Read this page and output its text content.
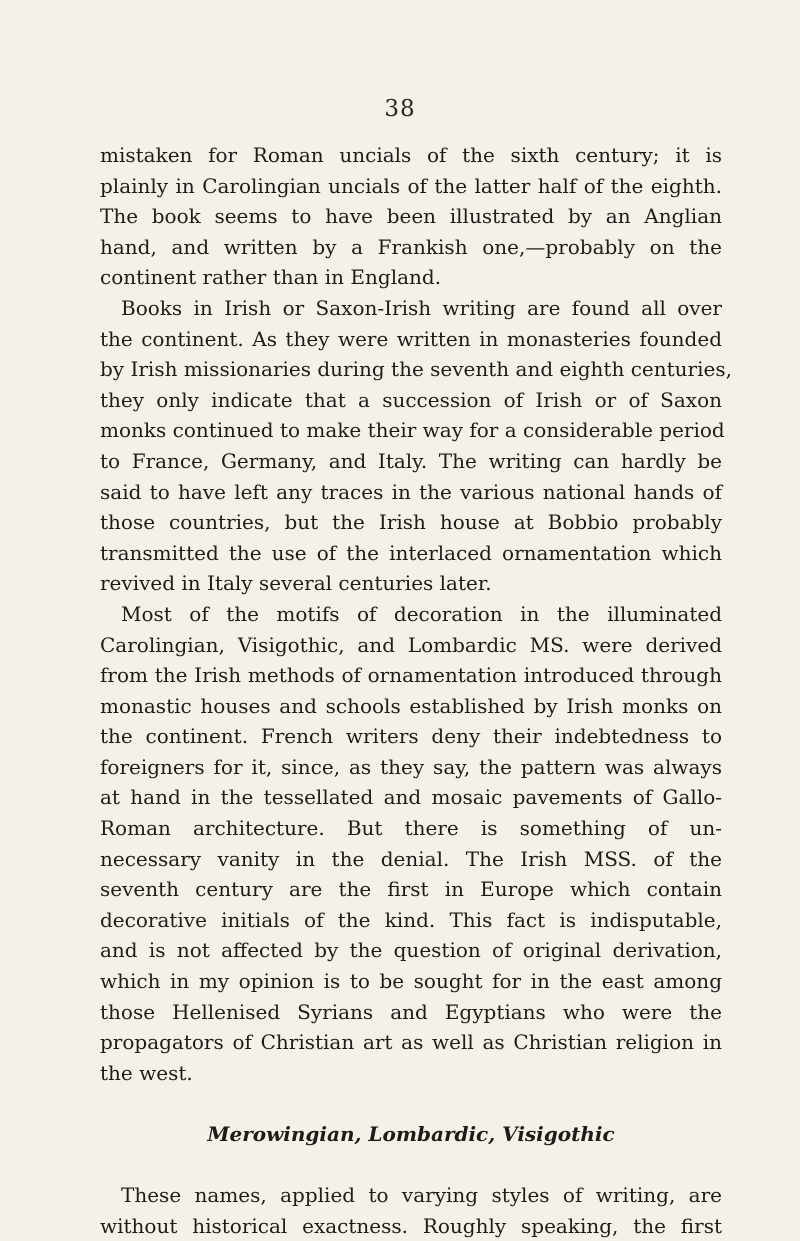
38
mistaken for Roman uncials of the sixth century; it is
plainly in Carolingian uncials of the latter half of the eighth.
The book seems to have been illustrated by an Anglian
hand, and written by a Frankish one,—probably on the
continent rather than in England.
Books in Irish or Saxon-Irish writing are found all over
the continent. As they were written in monasteries founded
by Irish missionaries during the seventh and eighth centuries,
they only indicate that a succession of Irish or of Saxon
monks continued to make their way for a considerable period
to France, Germany, and Italy. The writing can hardly be
said to have left any traces in the various national hands of
those countries, but the Irish house at Bobbio probably
transmitted the use of the interlaced ornamentation which
revived in Italy several centuries later.
Most of the motifs of decoration in the illuminated
Carolingian, Visigothic, and Lombardic MS. were derived
from the Irish methods of ornamentation introduced through
monastic houses and schools established by Irish monks on
the continent. French writers deny their indebtedness to
foreigners for it, since, as they say, the pattern was always
at hand in the tessellated and mosaic pavements of Gallo-
Roman architecture. But there is something of un-
necessary vanity in the denial. The Irish MSS. of the
seventh century are the first in Europe which contain
decorative initials of the kind. This fact is indisputable,
and is not affected by the question of original derivation,
which in my opinion is to be sought for in the east among
those Hellenised Syrians and Egyptians who were the
propagators of Christian art as well as Christian religion in
the west.
Merowingian, Lombardic, Visigothic
These names, applied to varying styles of writing, are
without historical exactness. Roughly speaking, the first
